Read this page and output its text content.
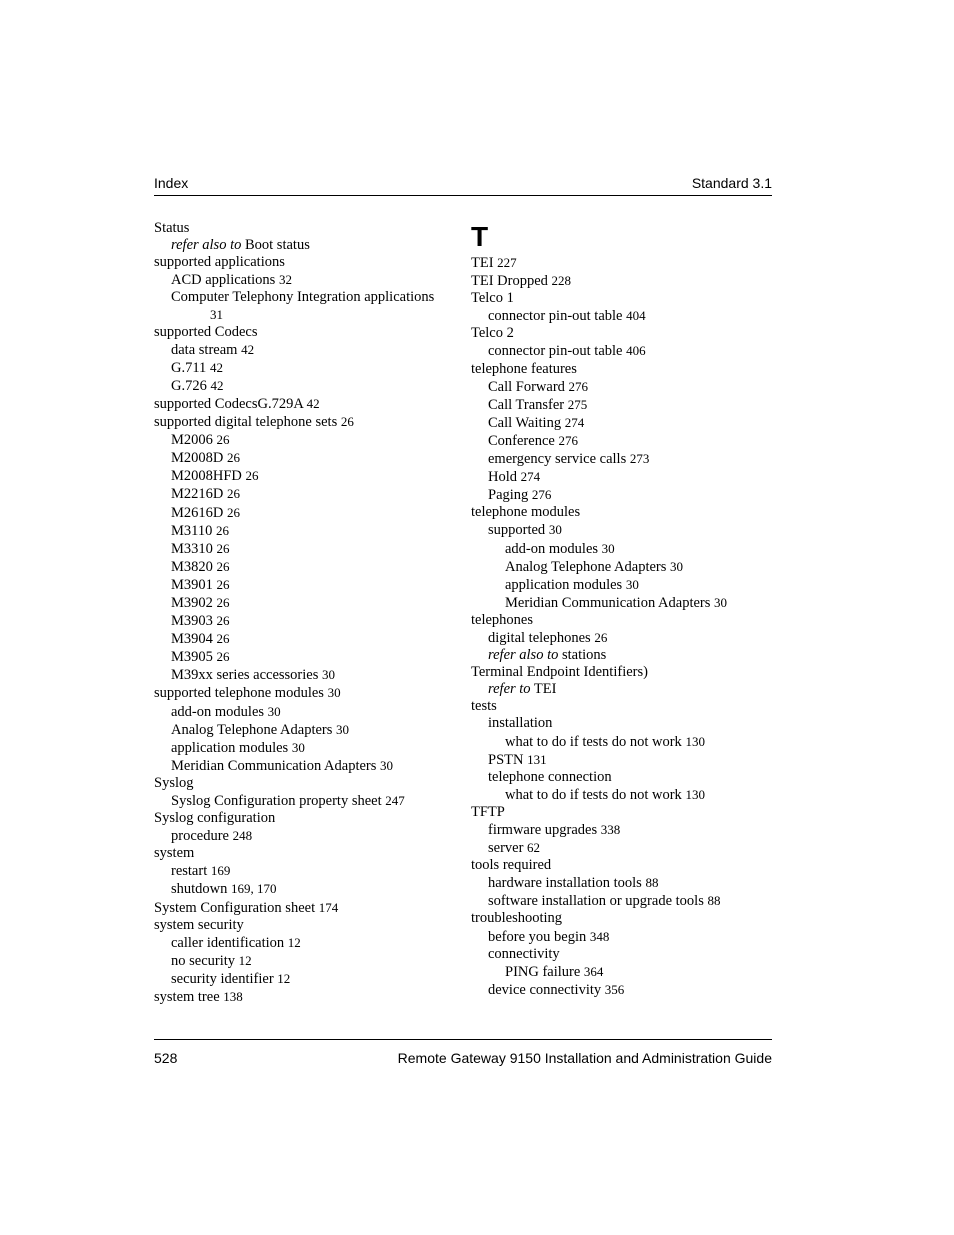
Index	Standard 3.1
Status
refer also to Boot status
supported applications
ACD applications 32
Computer Telephony Integration applications
31
supported Codecs
data stream 42
G.711 42
G.726 42
supported CodecsG.729A 42
supported digital telephone sets 26
M2006 26
M2008D 26
M2008HFD 26
M2216D 26
M2616D 26
M3110 26
M3310 26
M3820 26
M3901 26
M3902 26
M3903 26
M3904 26
M3905 26
M39xx series accessories 30
supported telephone modules 30
add-on modules 30
Analog Telephone Adapters 30
application modules 30
Meridian Communication Adapters 30
Syslog
Syslog Configuration property sheet 247
Syslog configuration
procedure 248
system
restart 169
shutdown 169, 170
System Configuration sheet 174
system security
caller identification 12
no security 12
security identifier 12
system tree 138
T
TEI 227
TEI Dropped 228
Telco 1
connector pin-out table 404
Telco 2
connector pin-out table 406
telephone features
Call Forward 276
Call Transfer 275
Call Waiting 274
Conference 276
emergency service calls 273
Hold 274
Paging 276
telephone modules
supported 30
add-on modules 30
Analog Telephone Adapters 30
application modules 30
Meridian Communication Adapters 30
telephones
digital telephones 26
refer also to stations
Terminal Endpoint Identifiers)
refer to TEI
tests
installation
what to do if tests do not work 130
PSTN 131
telephone connection
what to do if tests do not work 130
TFTP
firmware upgrades 338
server 62
tools required
hardware installation tools 88
software installation or upgrade tools 88
troubleshooting
before you begin 348
connectivity
PING failure 364
device connectivity 356
528	Remote Gateway 9150 Installation and Administration Guide
